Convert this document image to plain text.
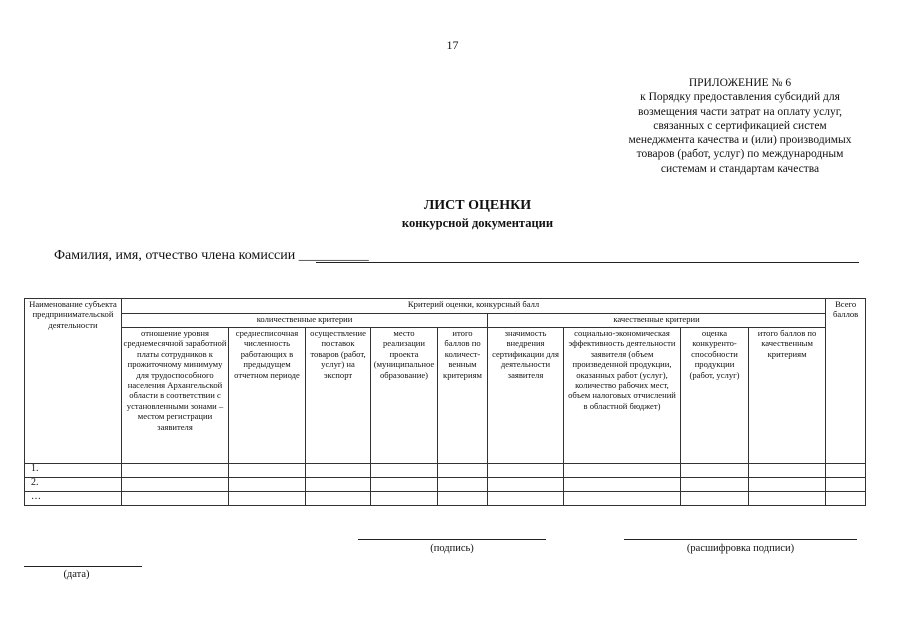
17
ПРИЛОЖЕНИЕ № 6
к Порядку предоставления субсидий для
возмещения части затрат на оплату услуг,
связанных с сертификацией систем
менеджмента качества и (или) производимых
товаров (работ, услуг) по международным
системам и стандартам качества
ЛИСТ ОЦЕНКИ
конкурсной документации
Фамилия, имя, отчество члена комиссии __________
Наименование субъекта предпринимательской деятельности	Критерий оценки, конкурсный балл									Всего баллов
	количественные критерии					качественные критерии				
	отношение уровня среднемесячной заработной платы сотрудников к прожиточному минимуму для трудоспособного населения Архангельской области в соответствии с установленными зонами – местом регистрации заявителя	среднесписочная численность работающих в предыдущем отчетном периоде	осуществление поставок товаров (работ, услуг) на экспорт	место реализации проекта (муниципальное образование)	итого баллов по количест-венным критериям	значимость внедрения сертификации для деятельности заявителя	социально-экономическая эффективность деятельности заявителя (объем произведенной продукции, оказанных работ (услуг), количество рабочих мест, объем налоговых отчислений в областной бюджет)	оценка конкуренто-способности продукции (работ, услуг)	итого баллов по качественным критериям	
1.										
2.										
…										
(подпись)	(расшифровка подписи)
(дата)
